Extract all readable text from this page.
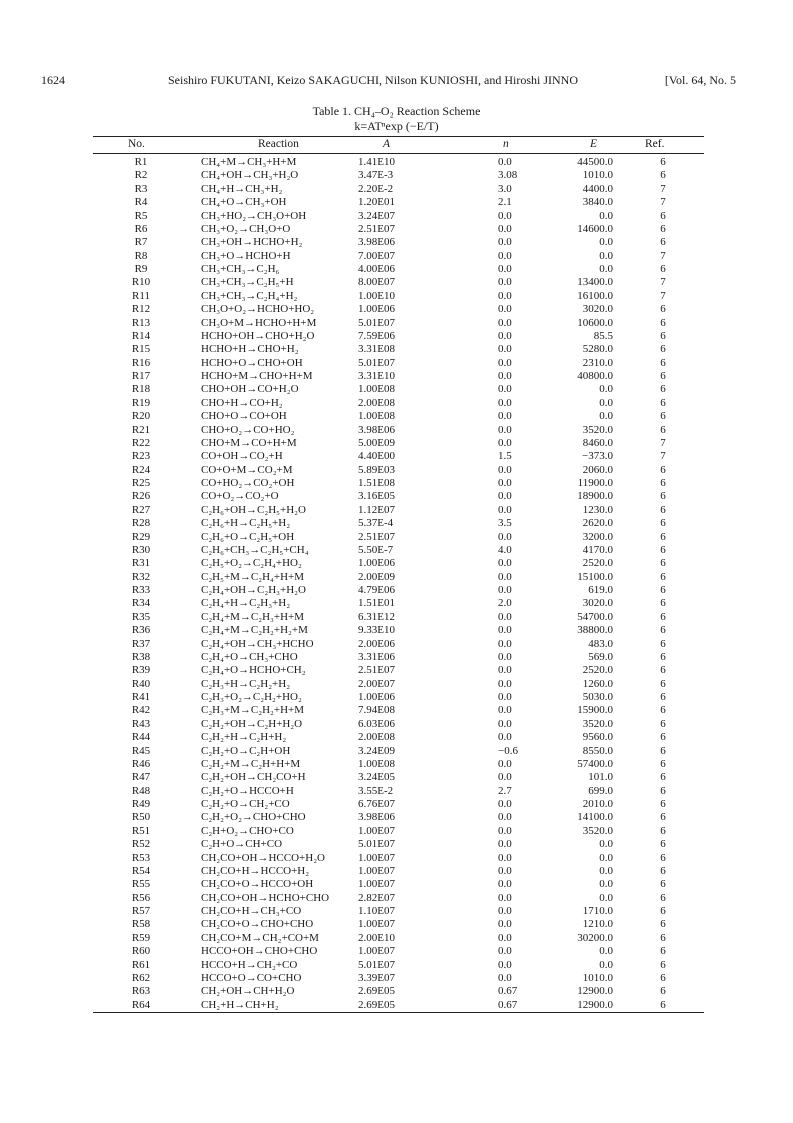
1624	Seishiro FUKUTANI, Keizo SAKAGUCHI, Nilson KUNIOSHI, and Hiroshi JINNO	[Vol. 64, No. 5
Table 1. CH₄–O₂ Reaction Scheme
k=ATⁿexp (−E/T)
No.	Reaction	A	n	E	Ref.
R1	CH₄+M→CH₃+H+M	1.41E10	0.0	44500.0	6
R2	CH₄+OH→CH₃+H₂O	3.47E-3	3.08	1010.0	6
R3	CH₄+H→CH₃+H₂	2.20E-2	3.0	4400.0	7
R4	CH₄+O→CH₃+OH	1.20E01	2.1	3840.0	7
R5	CH₃+HO₂→CH₃O+OH	3.24E07	0.0	0.0	6
R6	CH₃+O₂→CH₃O+O	2.51E07	0.0	14600.0	6
R7	CH₃+OH→HCHO+H₂	3.98E06	0.0	0.0	6
R8	CH₃+O→HCHO+H	7.00E07	0.0	0.0	7
R9	CH₃+CH₃→C₂H₆	4.00E06	0.0	0.0	6
R10	CH₃+CH₃→C₂H₅+H	8.00E07	0.0	13400.0	7
R11	CH₃+CH₃→C₂H₄+H₂	1.00E10	0.0	16100.0	7
R12	CH₃O+O₂→HCHO+HO₂	1.00E06	0.0	3020.0	6
R13	CH₃O+M→HCHO+H+M	5.01E07	0.0	10600.0	6
R14	HCHO+OH→CHO+H₂O	7.59E06	0.0	85.5	6
R15	HCHO+H→CHO+H₂	3.31E08	0.0	5280.0	6
R16	HCHO+O→CHO+OH	5.01E07	0.0	2310.0	6
R17	HCHO+M→CHO+H+M	3.31E10	0.0	40800.0	6
R18	CHO+OH→CO+H₂O	1.00E08	0.0	0.0	6
R19	CHO+H→CO+H₂	2.00E08	0.0	0.0	6
R20	CHO+O→CO+OH	1.00E08	0.0	0.0	6
R21	CHO+O₂→CO+HO₂	3.98E06	0.0	3520.0	6
R22	CHO+M→CO+H+M	5.00E09	0.0	8460.0	7
R23	CO+OH→CO₂+H	4.40E00	1.5	−373.0	7
R24	CO+O+M→CO₂+M	5.89E03	0.0	2060.0	6
R25	CO+HO₂→CO₂+OH	1.51E08	0.0	11900.0	6
R26	CO+O₂→CO₂+O	3.16E05	0.0	18900.0	6
R27	C₂H₆+OH→C₂H₅+H₂O	1.12E07	0.0	1230.0	6
R28	C₂H₆+H→C₂H₅+H₂	5.37E-4	3.5	2620.0	6
R29	C₂H₆+O→C₂H₅+OH	2.51E07	0.0	3200.0	6
R30	C₂H₆+CH₃→C₂H₅+CH₄	5.50E-7	4.0	4170.0	6
R31	C₂H₅+O₂→C₂H₄+HO₂	1.00E06	0.0	2520.0	6
R32	C₂H₅+M→C₂H₄+H+M	2.00E09	0.0	15100.0	6
R33	C₂H₄+OH→C₂H₃+H₂O	4.79E06	0.0	619.0	6
R34	C₂H₄+H→C₂H₃+H₂	1.51E01	2.0	3020.0	6
R35	C₂H₄+M→C₂H₃+H+M	6.31E12	0.0	54700.0	6
R36	C₂H₄+M→C₂H₂+H₂+M	9.33E10	0.0	38800.0	6
R37	C₂H₄+OH→CH₃+HCHO	2.00E06	0.0	483.0	6
R38	C₂H₄+O→CH₃+CHO	3.31E06	0.0	569.0	6
R39	C₂H₄+O→HCHO+CH₂	2.51E07	0.0	2520.0	6
R40	C₂H₃+H→C₂H₂+H₂	2.00E07	0.0	1260.0	6
R41	C₂H₃+O₂→C₂H₂+HO₂	1.00E06	0.0	5030.0	6
R42	C₂H₃+M→C₂H₂+H+M	7.94E08	0.0	15900.0	6
R43	C₂H₂+OH→C₂H+H₂O	6.03E06	0.0	3520.0	6
R44	C₂H₂+H→C₂H+H₂	2.00E08	0.0	9560.0	6
R45	C₂H₂+O→C₂H+OH	3.24E09	−0.6	8550.0	6
R46	C₂H₂+M→C₂H+H+M	1.00E08	0.0	57400.0	6
R47	C₂H₂+OH→CH₂CO+H	3.24E05	0.0	101.0	6
R48	C₂H₂+O→HCCO+H	3.55E-2	2.7	699.0	6
R49	C₂H₂+O→CH₂+CO	6.76E07	0.0	2010.0	6
R50	C₂H₂+O₂→CHO+CHO	3.98E06	0.0	14100.0	6
R51	C₂H+O₂→CHO+CO	1.00E07	0.0	3520.0	6
R52	C₂H+O→CH+CO	5.01E07	0.0	0.0	6
R53	CH₂CO+OH→HCCO+H₂O	1.00E07	0.0	0.0	6
R54	CH₂CO+H→HCCO+H₂	1.00E07	0.0	0.0	6
R55	CH₂CO+O→HCCO+OH	1.00E07	0.0	0.0	6
R56	CH₂CO+OH→HCHO+CHO	2.82E07	0.0	0.0	6
R57	CH₂CO+H→CH₃+CO	1.10E07	0.0	1710.0	6
R58	CH₂CO+O→CHO+CHO	1.00E07	0.0	1210.0	6
R59	CH₂CO+M→CH₂+CO+M	2.00E10	0.0	30200.0	6
R60	HCCO+OH→CHO+CHO	1.00E07	0.0	0.0	6
R61	HCCO+H→CH₂+CO	5.01E07	0.0	0.0	6
R62	HCCO+O→CO+CHO	3.39E07	0.0	1010.0	6
R63	CH₂+OH→CH+H₂O	2.69E05	0.67	12900.0	6
R64	CH₂+H→CH+H₂	2.69E05	0.67	12900.0	6
